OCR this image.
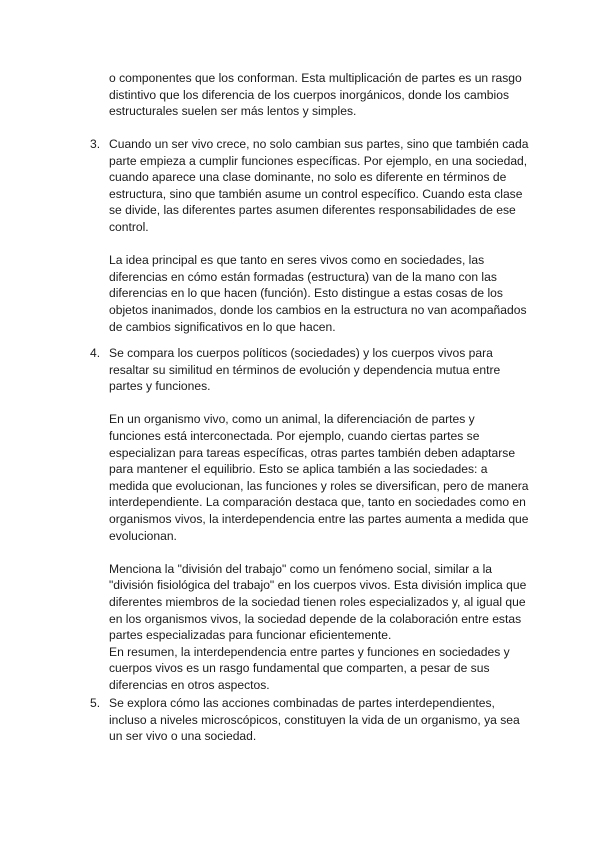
o componentes que los conforman. Esta multiplicación de partes es un rasgo distintivo que los diferencia de los cuerpos inorgánicos, donde los cambios estructurales suelen ser más lentos y simples.

3. Cuando un ser vivo crece, no solo cambian sus partes, sino que también cada parte empieza a cumplir funciones específicas. Por ejemplo, en una sociedad, cuando aparece una clase dominante, no solo es diferente en términos de estructura, sino que también asume un control específico. Cuando esta clase se divide, las diferentes partes asumen diferentes responsabilidades de ese control.

La idea principal es que tanto en seres vivos como en sociedades, las diferencias en cómo están formadas (estructura) van de la mano con las diferencias en lo que hacen (función). Esto distingue a estas cosas de los objetos inanimados, donde los cambios en la estructura no van acompañados de cambios significativos en lo que hacen.

4. Se compara los cuerpos políticos (sociedades) y los cuerpos vivos para resaltar su similitud en términos de evolución y dependencia mutua entre partes y funciones.

En un organismo vivo, como un animal, la diferenciación de partes y funciones está interconectada. Por ejemplo, cuando ciertas partes se especializan para tareas específicas, otras partes también deben adaptarse para mantener el equilibrio. Esto se aplica también a las sociedades: a medida que evolucionan, las funciones y roles se diversifican, pero de manera interdependiente. La comparación destaca que, tanto en sociedades como en organismos vivos, la interdependencia entre las partes aumenta a medida que evolucionan.

Menciona la "división del trabajo" como un fenómeno social, similar a la "división fisiológica del trabajo" en los cuerpos vivos. Esta división implica que diferentes miembros de la sociedad tienen roles especializados y, al igual que en los organismos vivos, la sociedad depende de la colaboración entre estas partes especializadas para funcionar eficientemente.

En resumen, la interdependencia entre partes y funciones en sociedades y cuerpos vivos es un rasgo fundamental que comparten, a pesar de sus diferencias en otros aspectos.

5. Se explora cómo las acciones combinadas de partes interdependientes, incluso a niveles microscópicos, constituyen la vida de un organismo, ya sea un ser vivo o una sociedad.
